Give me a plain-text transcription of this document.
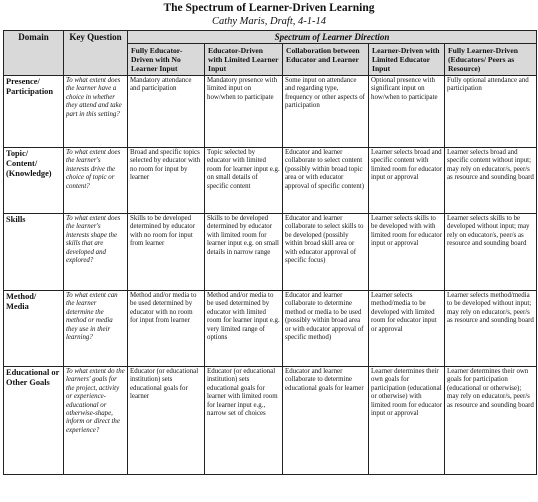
The Spectrum of Learner-Driven Learning
Cathy Maris, Draft, 4-1-14
Domain	Key Question	Spectrum of Learner Direction				
		Fully Educator-Driven with No Learner Input	Educator-Driven with Limited Learner Input	Collaboration between Educator and Learner	Learner-Driven with Limited Educator Input	Fully Learner-Driven (Educators/ Peers as Resource)
Presence/ Participation	To what extent does the learner have a choice in whether they attend and take part in this setting?	Mandatory attendance and participation	Mandatory presence with limited input on how/when to participate	Some input on attendance and regarding type, frequency or other aspects of participation	Optional presence with significant input on how/when to participate	Fully optional attendance and participation
Topic/ Content/ (Knowledge)	To what extent does the learner's interests drive the choice of topic or content?	Broad and specific topics selected by educator with no room for input by learner	Topic selected by educator with limited room for learner input e.g. on small details of specific content	Educator and learner collaborate to select content (possibly within broad topic area or with educator approval of specific content)	Learner selects broad and specific content with limited room for educator input or approval	Learner selects broad and specific content without input; may rely on educator/s, peer/s as resource and sounding board
Skills	To what extent does the learner's interests shape the skills that are developed and explored?	Skills to be developed determined by educator with no room for input from learner	Skills to be developed determined by educator with limited room for learner input e.g. on small details in narrow range	Educator and learner collaborate to select skills to be developed (possibly within broad skill area or with educator approval of specific focus)	Learner selects skills to be developed with with limited room for educator input or approval	Learner selects skills to be developed without input; may rely on educator/s, peer/s as resource and sounding board
Method/ Media	To what extent can the learner determine the method or media they use in their learning?	Method and/or media to be used determined by educator with no room for input from learner	Method and/or media to be used determined by educator with limited room for learner input e.g. very limited range of options	Educator and learner collaborate to determine method or media to be used (possibly within broad area or with educator approval of specific method)	Learner selects method/media to be developed with limited room for educator input or approval	Learner selects method/media to be developed without input; may rely on educator/s, peer/s as resource and sounding board
Educational or Other Goals	To what extent do the learners' goals for the project, activity or experience-educational or otherwise-shape, inform or direct the experience?	Educator (or educational institution) sets educational goals for learner	Educator (or educational institution) sets educational goals for learner with limited room for learner input e.g., narrow set of choices	Educator and learner collaborate to determine educational goals for learner	Learner determines their own goals for participation (educational or otherwise) with limited room for educator input or approval	Learner determines their own goals for participation (educational or otherwise); may rely on educator/s, peer/s as resource and sounding board
